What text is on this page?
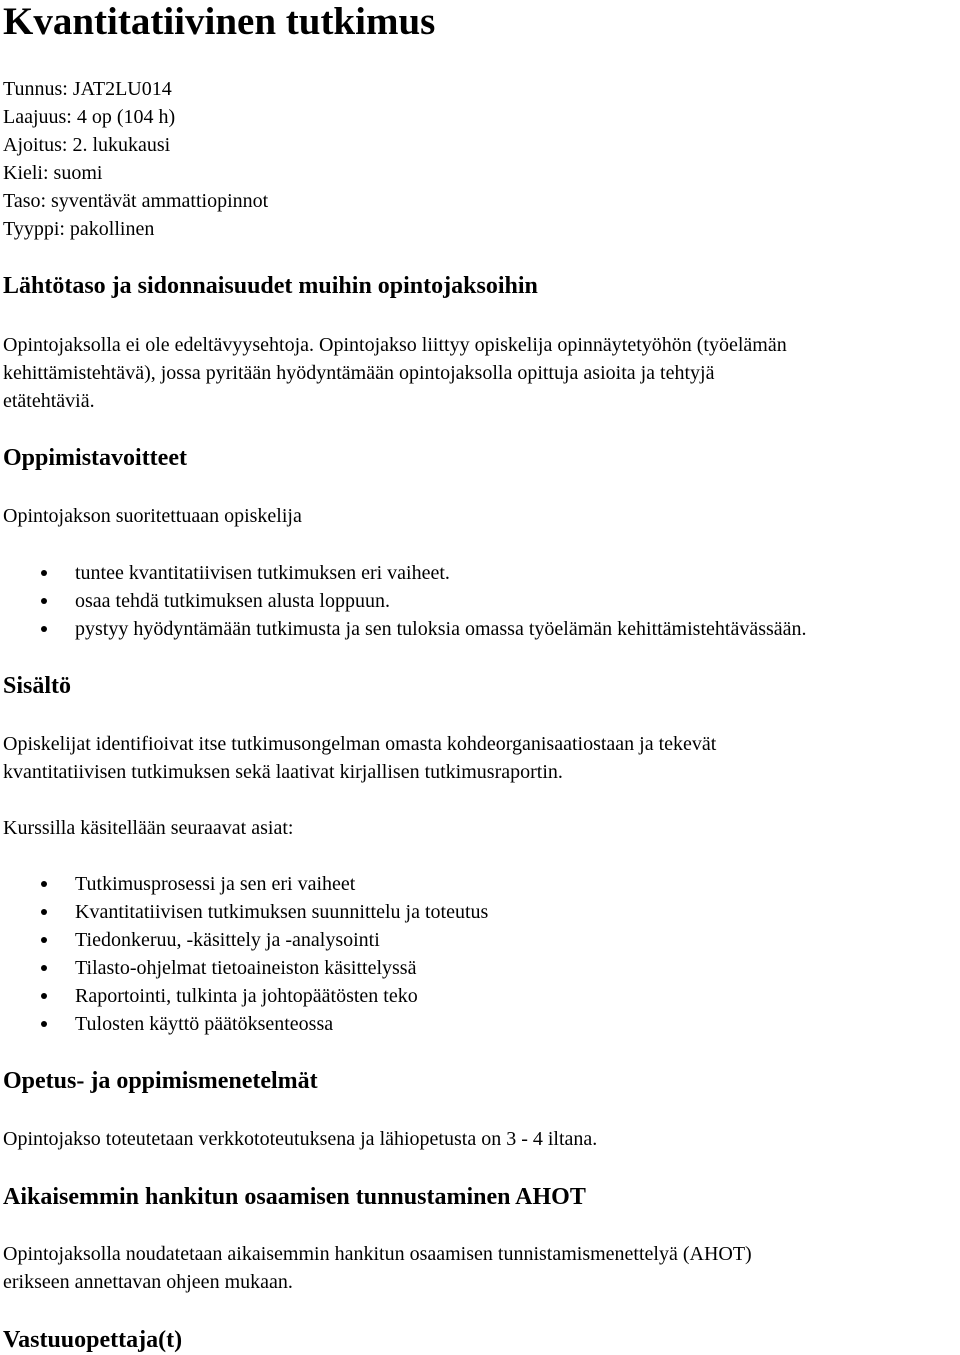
Kvantitatiivinen tutkimus
Tunnus: JAT2LU014
Laajuus: 4 op (104 h)
Ajoitus: 2. lukukausi
Kieli: suomi
Taso: syventävät ammattiopinnot
Tyyppi: pakollinen
Lähtötaso ja sidonnaisuudet muihin opintojaksoihin
Opintojaksolla ei ole edeltävyysehtoja. Opintojakso liittyy opiskelija opinnäytetyöhön (työelämän
kehittämistehtävä), jossa pyritään hyödyntämään opintojaksolla opittuja asioita ja tehtyjä
etätehtäviä.
Oppimistavoitteet
Opintojakson suoritettuaan opiskelija
tuntee kvantitatiivisen tutkimuksen eri vaiheet.
osaa tehdä tutkimuksen alusta loppuun.
pystyy hyödyntämään tutkimusta ja sen tuloksia omassa työelämän kehittämistehtävässään.
Sisältö
Opiskelijat identifioivat itse tutkimusongelman omasta kohdeorganisaatiostaan ja tekevät
kvantitatiivisen tutkimuksen sekä laativat kirjallisen tutkimusraportin.
Kurssilla käsitellään seuraavat asiat:
Tutkimusprosessi ja sen eri vaiheet
Kvantitatiivisen tutkimuksen suunnittelu ja toteutus
Tiedonkeruu, -käsittely ja -analysointi
Tilasto-ohjelmat tietoaineiston käsittelyssä
Raportointi, tulkinta ja johtopäätösten teko
Tulosten käyttö päätöksenteossa
Opetus- ja oppimismenetelmät
Opintojakso toteutetaan verkkototeutuksena ja lähiopetusta on 3 - 4 iltana.
Aikaisemmin hankitun osaamisen tunnustaminen AHOT
Opintojaksolla noudatetaan aikaisemmin hankitun osaamisen tunnistamismenettelyä (AHOT)
erikseen annettavan ohjeen mukaan.
Vastuuopettaja(t)
